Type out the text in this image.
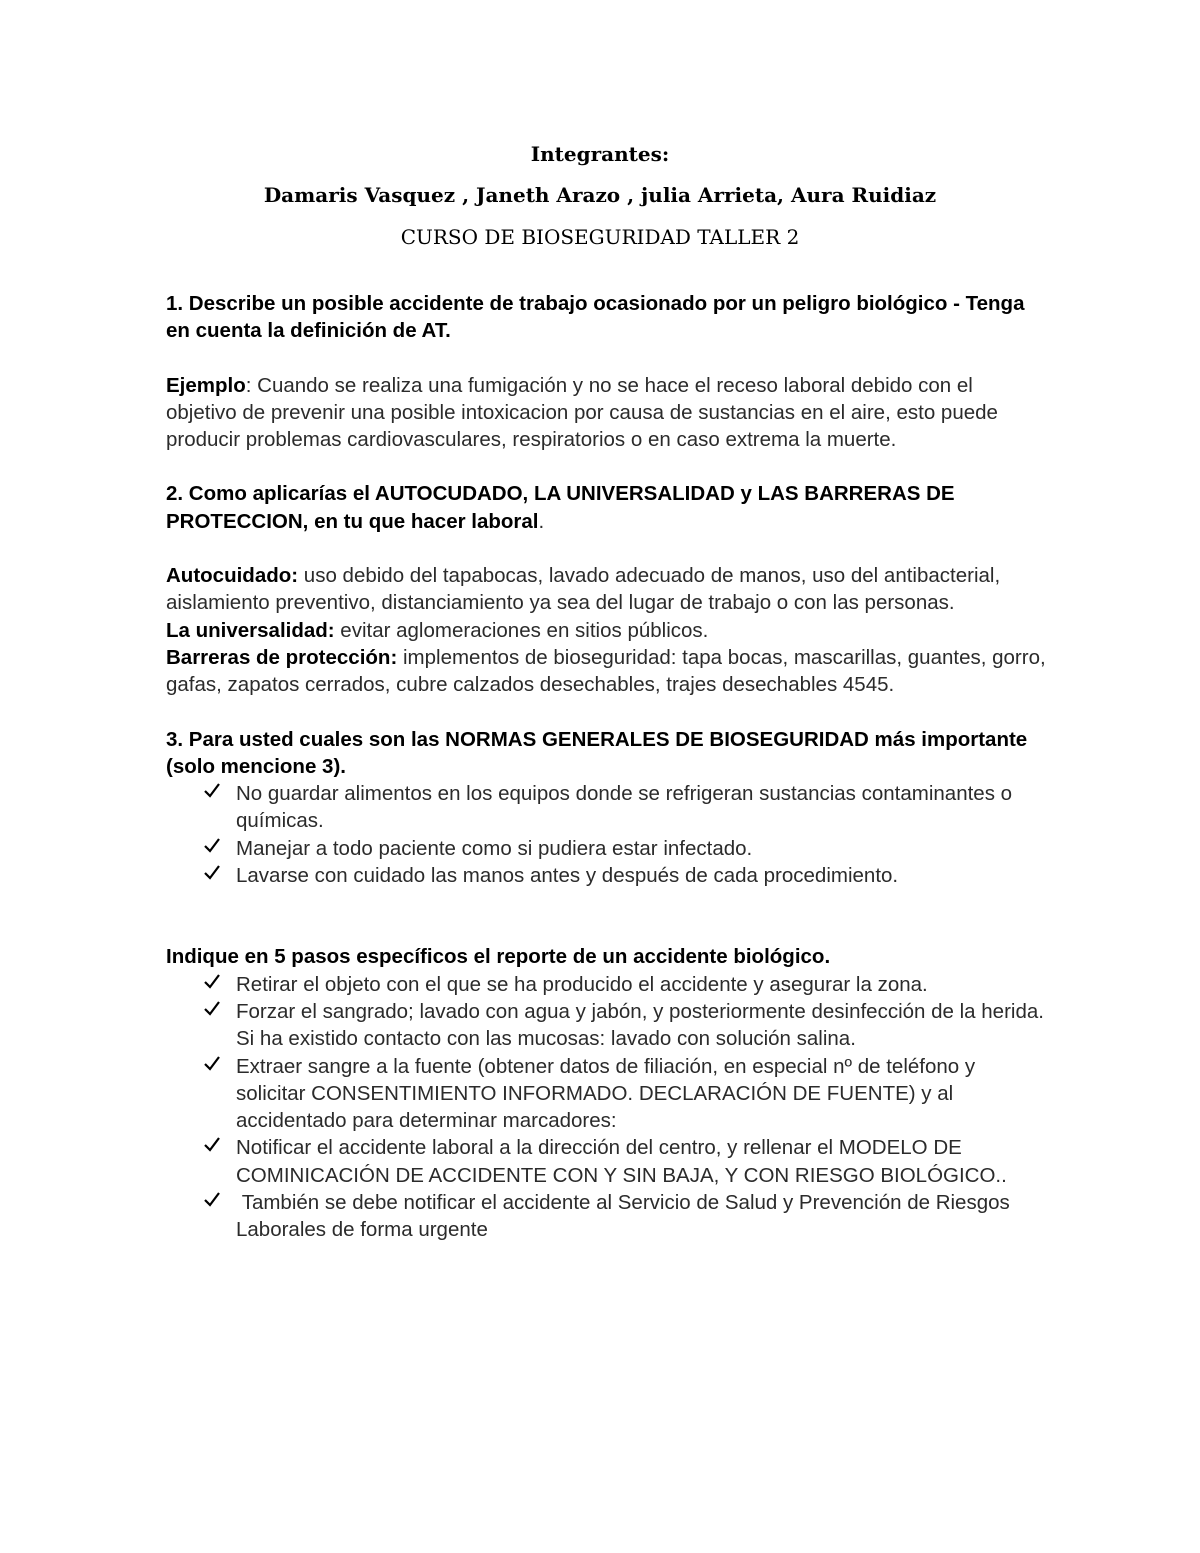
Integrantes:
Damaris Vasquez , Janeth Arazo , julia Arrieta, Aura Ruidiaz
CURSO DE BIOSEGURIDAD TALLER 2

1. Describe un posible accidente de trabajo ocasionado por un peligro biológico - Tenga en cuenta la definición de AT.

Ejemplo: Cuando se realiza una fumigación y no se hace el receso laboral debido con el objetivo de prevenir una posible intoxicacion por causa de sustancias en el aire, esto puede producir problemas cardiovasculares, respiratorios o en caso extrema la muerte.

2. Como aplicarías el AUTOCUDADO, LA UNIVERSALIDAD y LAS BARRERAS DE PROTECCION, en tu que hacer laboral.

Autocuidado: uso debido del tapabocas, lavado adecuado de manos, uso del antibacterial, aislamiento preventivo, distanciamiento ya sea del lugar de trabajo o con las personas.

La universalidad: evitar aglomeraciones en sitios públicos.

Barreras de protección: implementos de bioseguridad: tapa bocas, mascarillas, guantes, gorro, gafas, zapatos cerrados, cubre calzados desechables, trajes desechables 4545.

3. Para usted cuales son las NORMAS GENERALES DE BIOSEGURIDAD más importante (solo mencione 3).

No guardar alimentos en los equipos donde se refrigeran sustancias contaminantes o químicas.
Manejar a todo paciente como si pudiera estar infectado.
Lavarse con cuidado las manos antes y después de cada procedimiento.

Indique en 5 pasos específicos el reporte de un accidente biológico.

Retirar el objeto con el que se ha producido el accidente y asegurar la zona.
Forzar el sangrado; lavado con agua y jabón, y posteriormente desinfección de la herida. Si ha existido contacto con las mucosas: lavado con solución salina.
Extraer sangre a la fuente (obtener datos de filiación, en especial nº de teléfono y solicitar CONSENTIMIENTO INFORMADO. DECLARACIÓN DE FUENTE) y al accidentado para determinar marcadores:
Notificar el accidente laboral a la dirección del centro, y rellenar el MODELO DE COMINICACIÓN DE ACCIDENTE CON Y SIN BAJA, Y CON RIESGO BIOLÓGICO..
También se debe notificar el accidente al Servicio de Salud y Prevención de Riesgos Laborales de forma urgente
